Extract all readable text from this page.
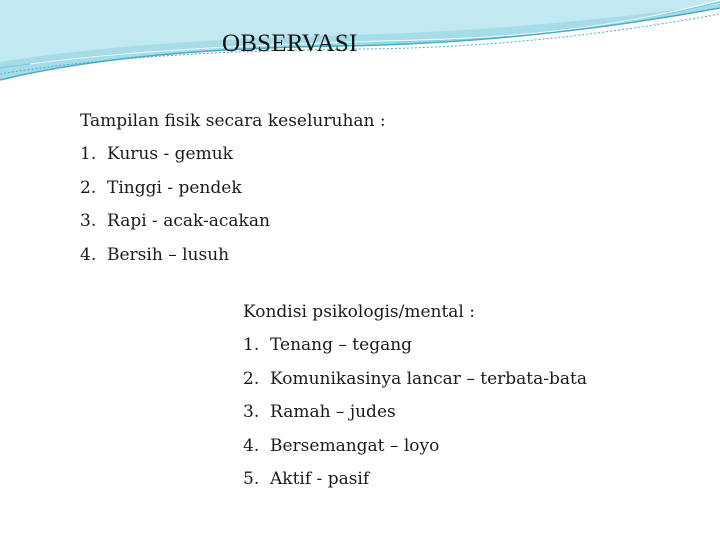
OBSERVASI
Tampilan fisik secara keseluruhan :
1. Kurus - gemuk
2. Tinggi - pendek
3. Rapi - acak-acakan
4. Bersih – lusuh
Kondisi psikologis/mental :
1. Tenang – tegang
2. Komunikasinya lancar – terbata-bata
3. Ramah – judes
4. Bersemangat – loyo
5. Aktif - pasif
